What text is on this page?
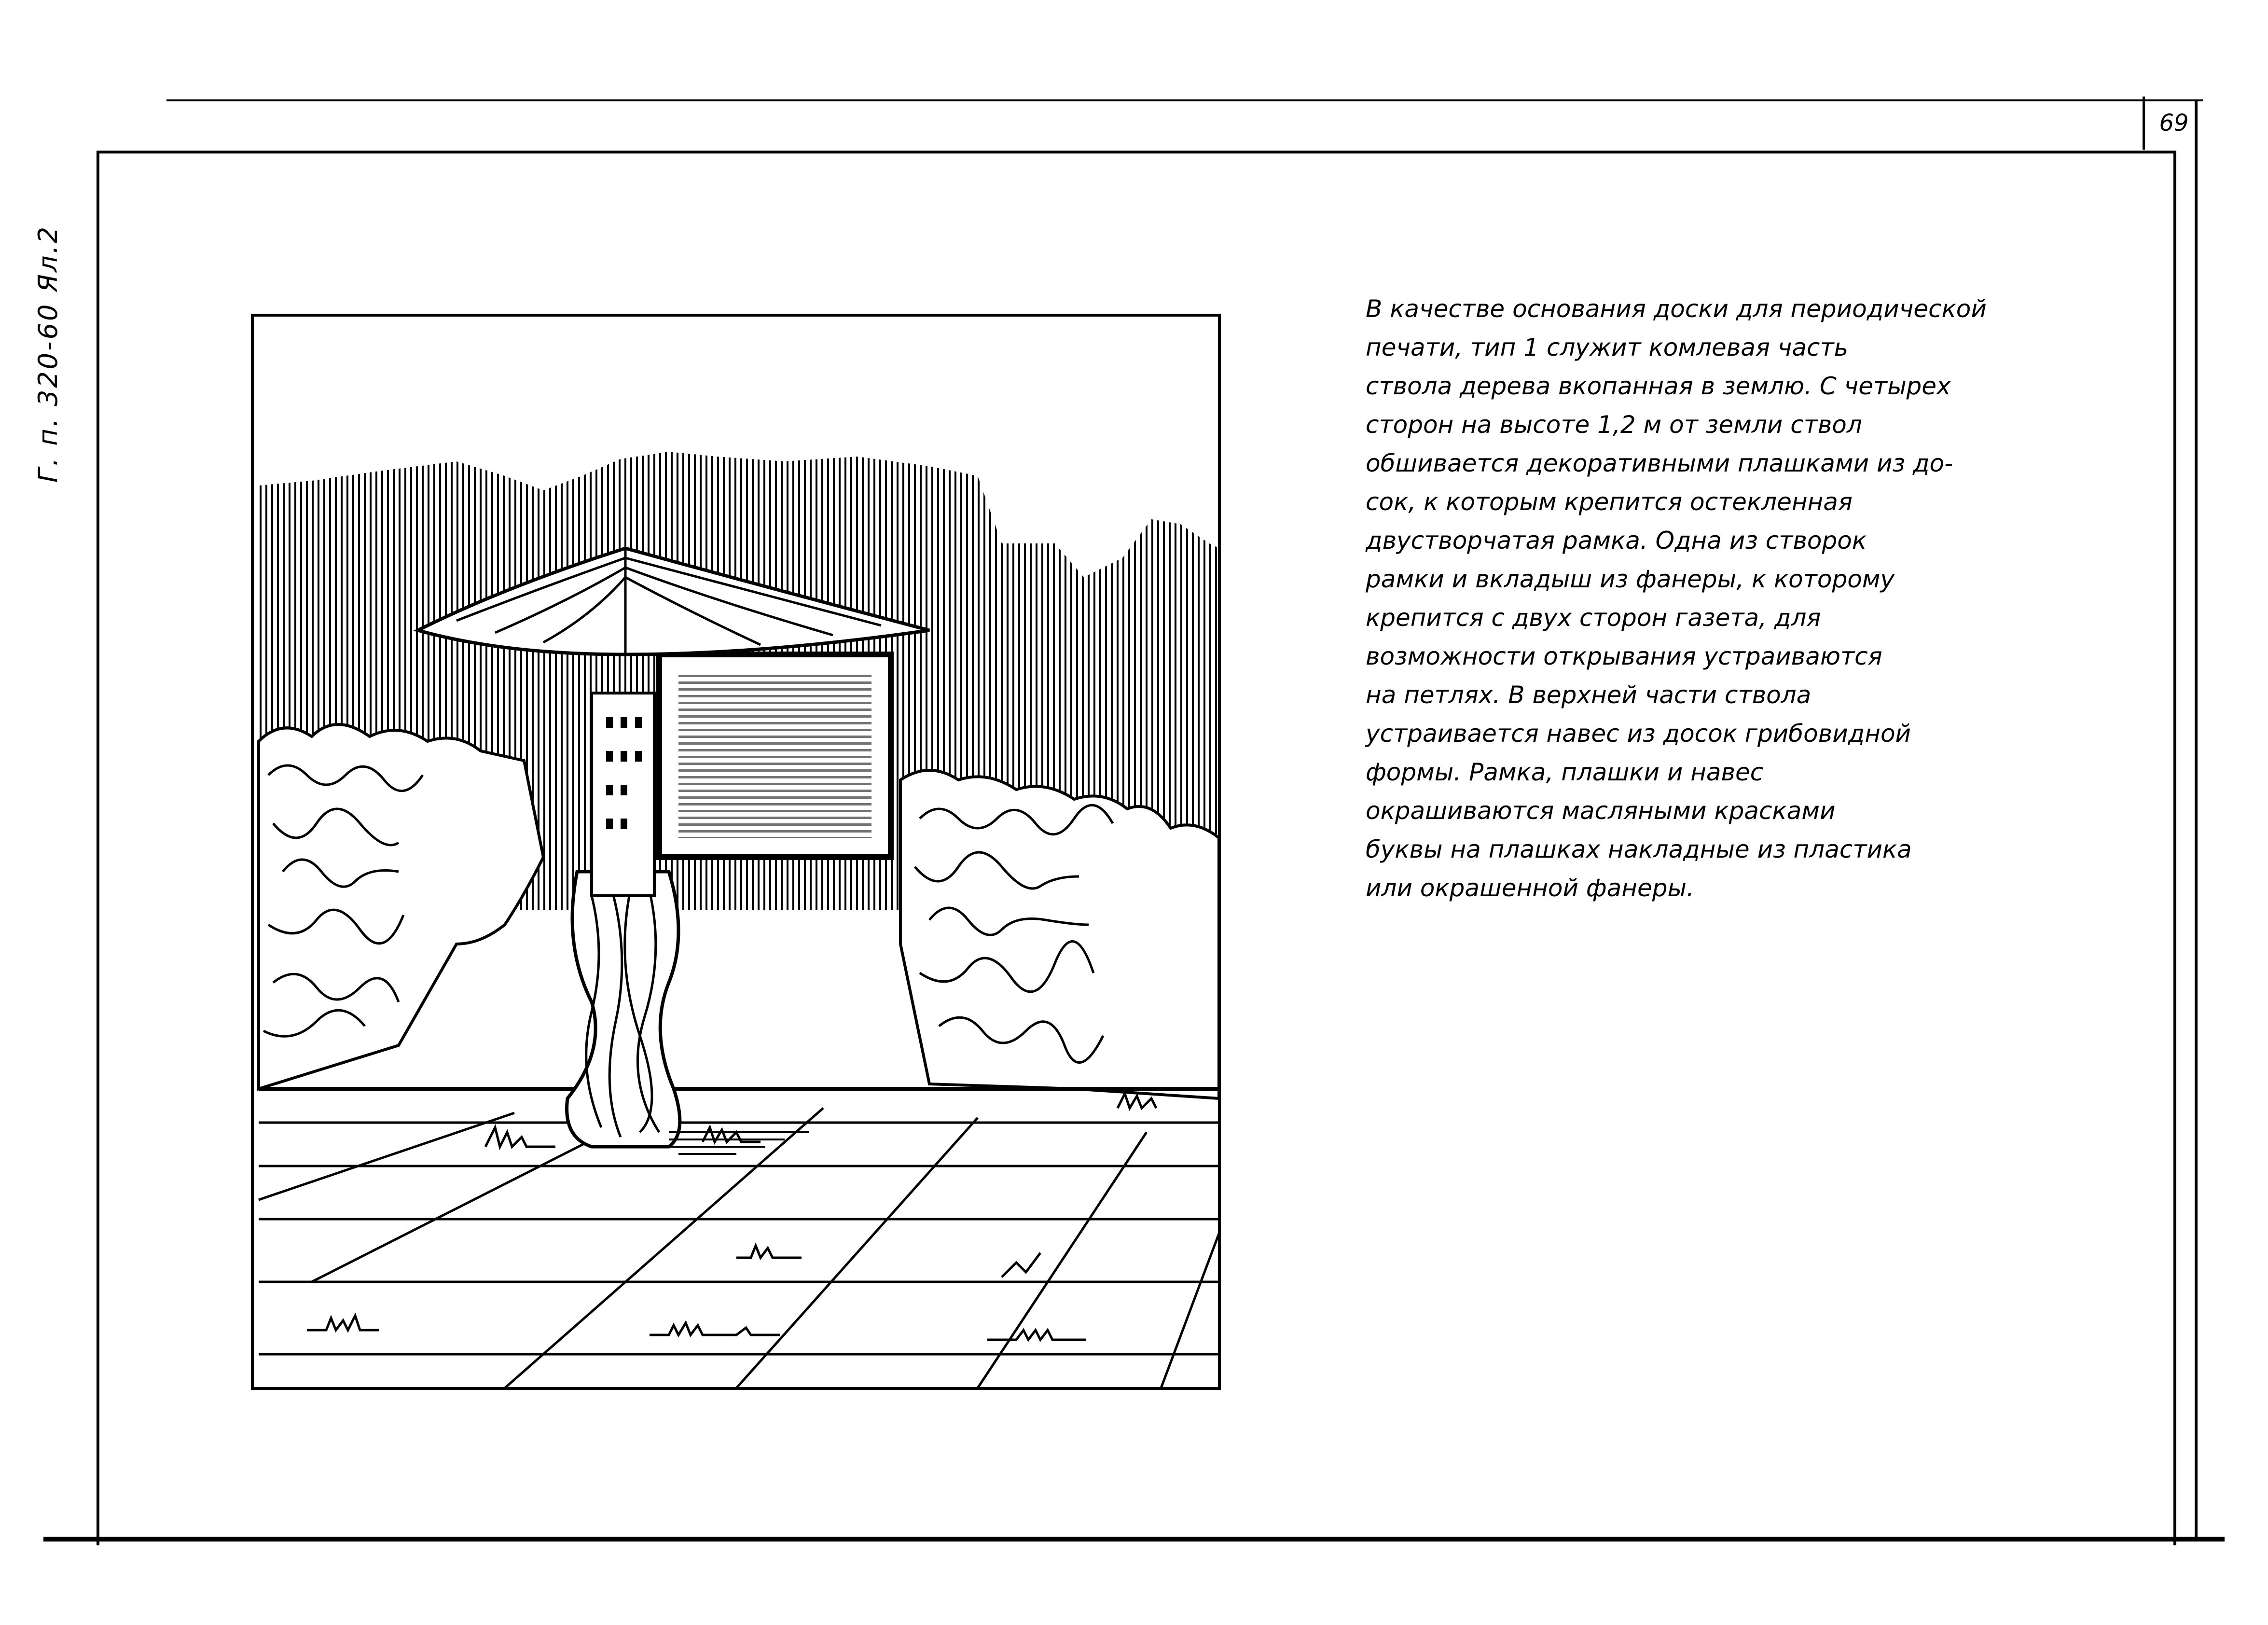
69
Г. п. 320-60 Ял.2	В качестве основания доски для периодической
печати, тип 1 служит комлевая часть
ствола дерева вкопанная в землю. С четырех
сторон на высоте 1,2 м от земли ствол
обшивается декоративными плашками из до-
сок, к которым крепится остекленная
двустворчатая рамка. Одна из створок
рамки и вкладыш из фанеры, к которому
крепится с двух сторон газета, для
возможности открывания устраиваются
на петлях. В верхней части ствола
устраивается навес из досок грибовидной
формы. Рамка, плашки и навес
окрашиваются масляными красками
буквы на плашках накладные из пластика
или окрашенной фанеры.
